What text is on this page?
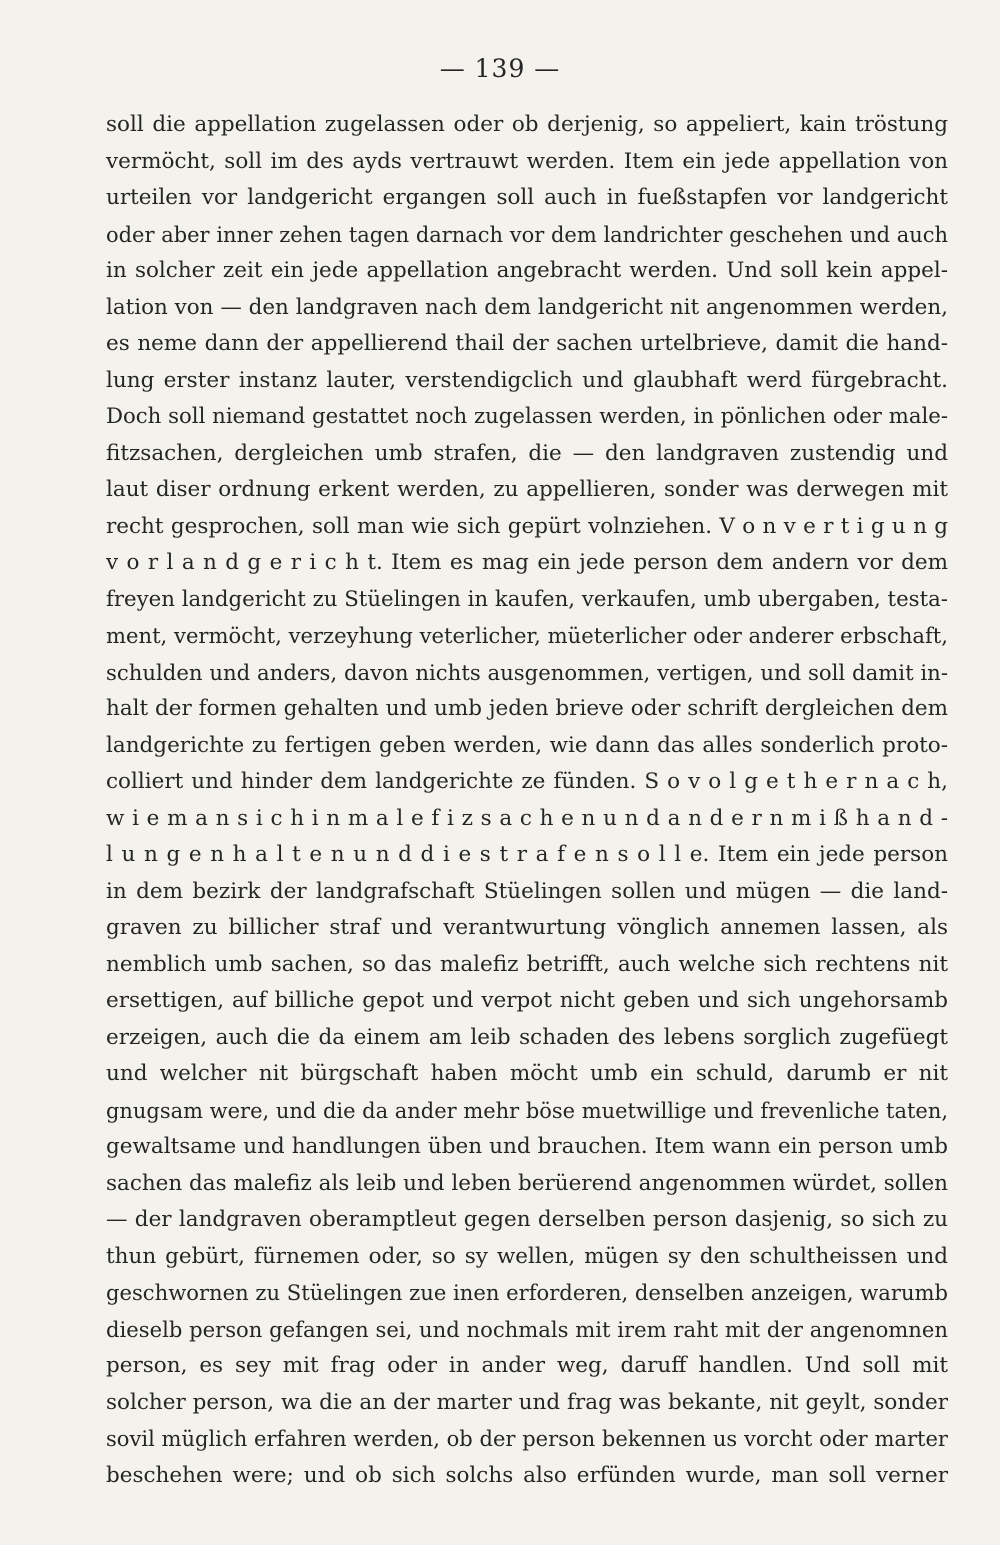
— 139 —
soll die appellation zugelassen oder ob derjenig, so appeliert, kain tröstung
vermöcht, soll im des ayds vertrauwt werden. Item ein jede appellation von
urteilen vor landgericht ergangen soll auch in fueßstapfen vor landgericht
oder aber inner zehen tagen darnach vor dem landrichter geschehen und auch
in solcher zeit ein jede appellation angebracht werden. Und soll kein appel-
lation von — den landgraven nach dem landgericht nit angenommen werden,
es neme dann der appellierend thail der sachen urtelbrieve, damit die hand-
lung erster instanz lauter, verstendigclich und glaubhaft werd fürgebracht.
Doch soll niemand gestattet noch zugelassen werden, in pönlichen oder male-
fitzsachen, dergleichen umb strafen, die — den landgraven zustendig und
laut diser ordnung erkent werden, zu appellieren, sonder was derwegen mit
recht gesprochen, soll man wie sich gepürt volnziehen. V o n v e r t i g u n g
v o r l a n d g e r i c h t. Item es mag ein jede person dem andern vor dem
freyen landgericht zu Stüelingen in kaufen, verkaufen, umb ubergaben, testa-
ment, vermöcht, verzeyhung veterlicher, müeterlicher oder anderer erbschaft,
schulden und anders, davon nichts ausgenommen, vertigen, und soll damit in-
halt der formen gehalten und umb jeden brieve oder schrift dergleichen dem
landgerichte zu fertigen geben werden, wie dann das alles sonderlich proto-
colliert und hinder dem landgerichte ze fünden. S o v o l g e t h e r n a c h,
w i e m a n s i c h i n m a l e f i z s a c h e n u n d a n d e r n m i ß h a n d -
l u n g e n h a l t e n u n d d i e s t r a f e n s o l l e. Item ein jede person
in dem bezirk der landgrafschaft Stüelingen sollen und mügen — die land-
graven zu billicher straf und verantwurtung vönglich annemen lassen, als
nemblich umb sachen, so das malefiz betrifft, auch welche sich rechtens nit
ersettigen, auf billiche gepot und verpot nicht geben und sich ungehorsamb
erzeigen, auch die da einem am leib schaden des lebens sorglich zugefüegt
und welcher nit bürgschaft haben möcht umb ein schuld, darumb er nit
gnugsam were, und die da ander mehr böse muetwillige und frevenliche taten,
gewaltsame und handlungen üben und brauchen. Item wann ein person umb
sachen das malefiz als leib und leben berüerend angenommen würdet, sollen
— der landgraven oberamptleut gegen derselben person dasjenig, so sich zu
thun gebürt, fürnemen oder, so sy wellen, mügen sy den schultheissen und
geschwornen zu Stüelingen zue inen erforderen, denselben anzeigen, warumb
dieselb person gefangen sei, und nochmals mit irem raht mit der angenomnen
person, es sey mit frag oder in ander weg, daruff handlen. Und soll mit
solcher person, wa die an der marter und frag was bekante, nit geylt, sonder
sovil müglich erfahren werden, ob der person bekennen us vorcht oder marter
beschehen were; und ob sich solchs also erfünden wurde, man soll verner
